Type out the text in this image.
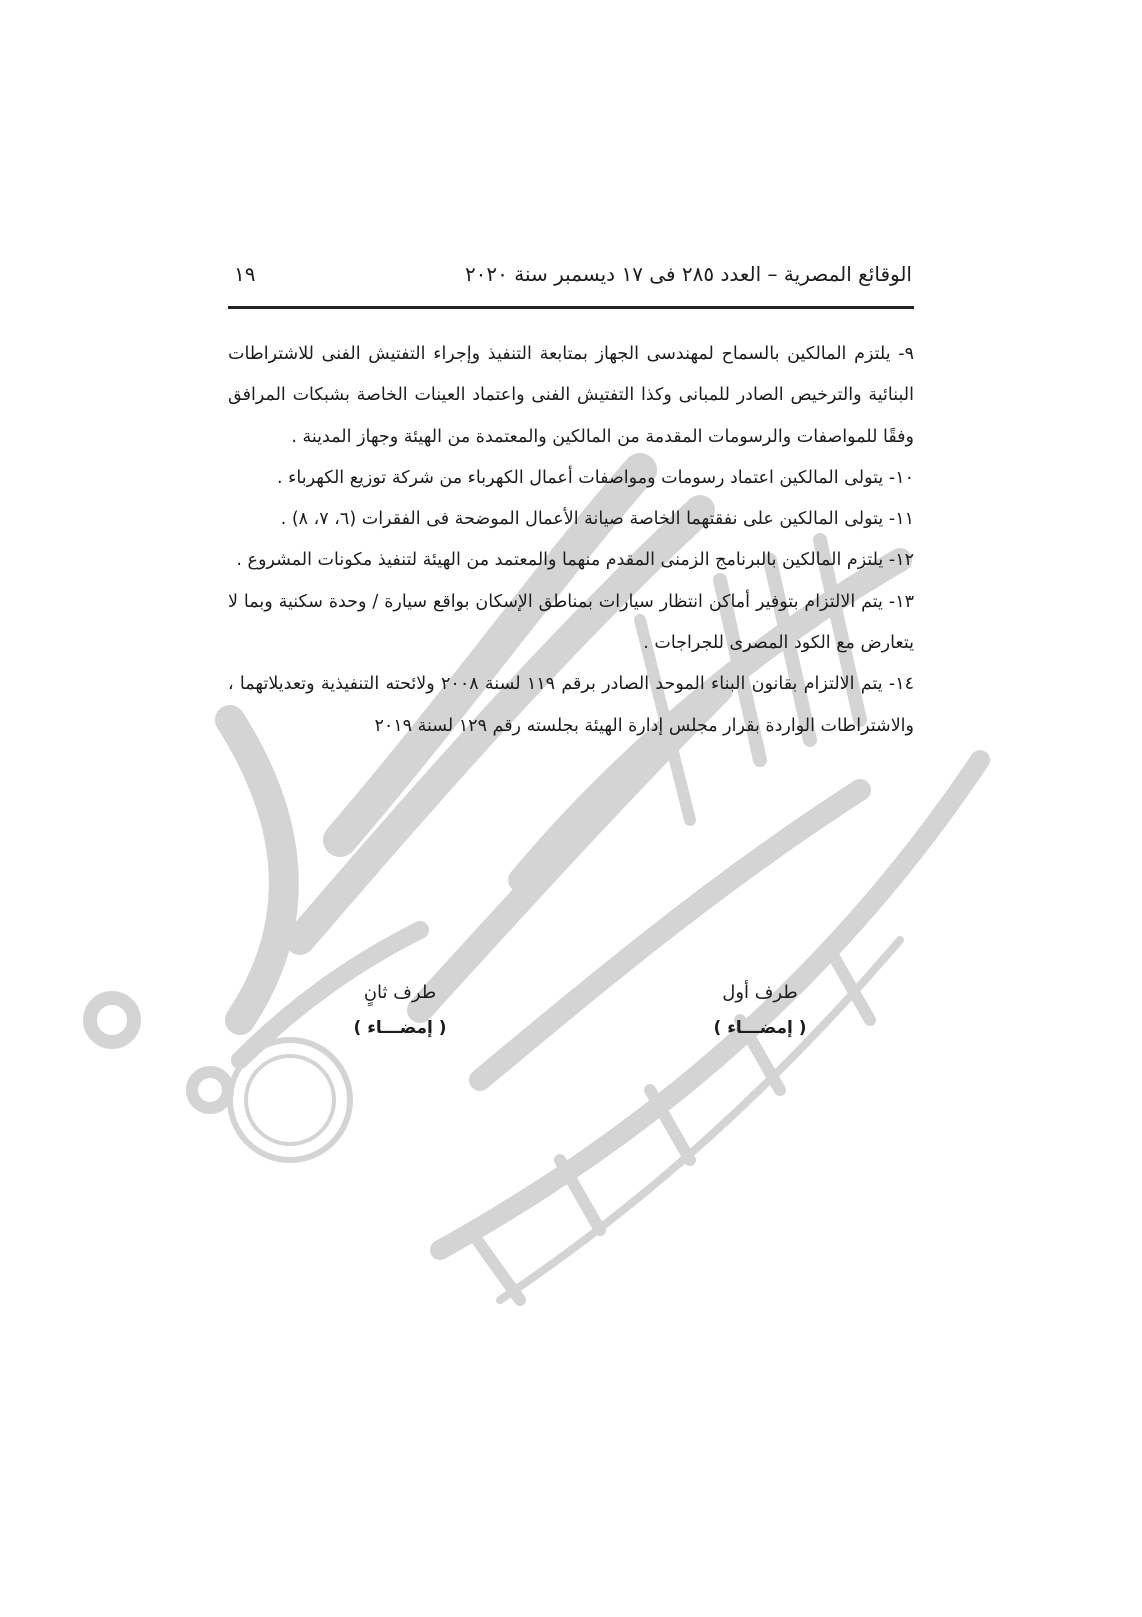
١٩	الوقائع المصرية – العدد ٢٨٥ فى ١٧ ديسمبر سنة ٢٠٢٠
٩- يلتزم المالكين بالسماح لمهندسى الجهاز بمتابعة التنفيذ وإجراء التفتيش الفنى للاشتراطات البنائية والترخيص الصادر للمبانى وكذا التفتيش الفنى واعتماد العينات الخاصة بشبكات المرافق وفقًا للمواصفات والرسومات المقدمة من المالكين والمعتمدة من الهيئة وجهاز المدينة .
١٠- يتولى المالكين اعتماد رسومات ومواصفات أعمال الكهرباء من شركة توزيع الكهرباء .
١١- يتولى المالكين على نفقتهما الخاصة صيانة الأعمال الموضحة فى الفقرات (٦، ٧، ٨) .
١٢- يلتزم المالكين بالبرنامج الزمنى المقدم منهما والمعتمد من الهيئة لتنفيذ مكونات المشروع .
١٣- يتم الالتزام بتوفير أماكن انتظار سيارات بمناطق الإسكان بواقع سيارة / وحدة سكنية وبما لا يتعارض مع الكود المصرى للجراجات .
١٤- يتم الالتزام بقانون البناء الموحد الصادر برقم ١١٩ لسنة ٢٠٠٨ ولائحته التنفيذية وتعديلاتهما ، والاشتراطات الواردة بقرار مجلس إدارة الهيئة بجلسته رقم ١٢٩ لسنة ٢٠١٩
طرف أول
( إمضـــاء )
طرف ثانٍ
( إمضـــاء )
